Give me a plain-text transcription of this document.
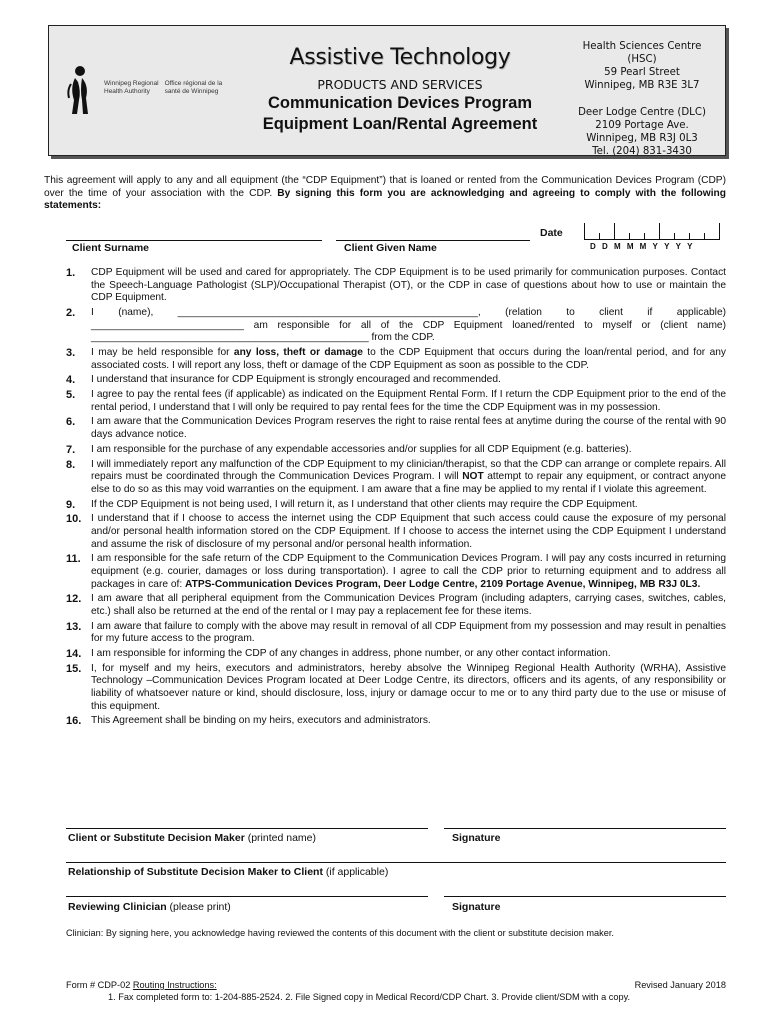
Winnipeg Regional
Health AuthorityOffice régional de la
santé de Winnipeg
Assistive Technology
PRODUCTS AND SERVICES
Communication Devices Program
Equipment Loan/Rental Agreement
Health Sciences Centre (HSC)
59 Pearl Street
Winnipeg, MB R3E 3L7
Deer Lodge Centre (DLC)
2109 Portage Ave.
Winnipeg, MB R3J 0L3
Tel. (204) 831-3430
This agreement will apply to any and all equipment (the “CDP Equipment”) that is loaned or rented from the Communication Devices Program (CDP) over the time of your association with the CDP. By signing this form you are acknowledging and agreeing to comply with the following statements:
Client Surname	Client Given Name
Date
DDMMMYYYY
1. CDP Equipment will be used and cared for appropriately. The CDP Equipment is to be used primarily for communication purposes. Contact the Speech-Language Pathologist (SLP)/Occupational Therapist (OT), or the CDP in case of questions about how to use or maintain the CDP Equipment.
2. I (name), _____________________________________________________, (relation to client if applicable) ___________________________ am responsible for all of the CDP Equipment loaned/rented to myself or (client name) _________________________________________________ from the CDP.
3. I may be held responsible for any loss, theft or damage to the CDP Equipment that occurs during the loan/rental period, and for any associated costs. I will report any loss, theft or damage of the CDP Equipment as soon as possible to the CDP.
4. I understand that insurance for CDP Equipment is strongly encouraged and recommended.
5. I agree to pay the rental fees (if applicable) as indicated on the Equipment Rental Form. If I return the CDP Equipment prior to the end of the rental period, I understand that I will only be required to pay rental fees for the time the CDP Equipment was in my possession.
6. I am aware that the Communication Devices Program reserves the right to raise rental fees at anytime during the course of the rental with 90 days advance notice.
7. I am responsible for the purchase of any expendable accessories and/or supplies for all CDP Equipment (e.g. batteries).
8. I will immediately report any malfunction of the CDP Equipment to my clinician/therapist, so that the CDP can arrange or complete repairs. All repairs must be coordinated through the Communication Devices Program. I will NOT attempt to repair any equipment, or contract anyone else to do so as this may void warranties on the equipment. I am aware that a fine may be applied to my rental if I violate this agreement.
9. If the CDP Equipment is not being used, I will return it, as I understand that other clients may require the CDP Equipment.
10. I understand that if I choose to access the internet using the CDP Equipment that such access could cause the exposure of my personal and/or personal health information stored on the CDP Equipment. If I choose to access the internet using the CDP Equipment I understand and assume the risk of disclosure of my personal and/or personal health information.
11. I am responsible for the safe return of the CDP Equipment to the Communication Devices Program. I will pay any costs incurred in returning equipment (e.g. courier, damages or loss during transportation). I agree to call the CDP prior to returning equipment and to address all packages in care of: ATPS-Communication Devices Program, Deer Lodge Centre, 2109 Portage Avenue, Winnipeg, MB R3J 0L3.
12. I am aware that all peripheral equipment from the Communication Devices Program (including adapters, carrying cases, switches, cables, etc.) shall also be returned at the end of the rental or I may pay a replacement fee for these items.
13. I am aware that failure to comply with the above may result in removal of all CDP Equipment from my possession and may result in penalties for my future access to the program.
14. I am responsible for informing the CDP of any changes in address, phone number, or any other contact information.
15. I, for myself and my heirs, executors and administrators, hereby absolve the Winnipeg Regional Health Authority (WRHA), Assistive Technology –Communication Devices Program located at Deer Lodge Centre, its directors, officers and its agents, of any responsibility or liability of whatsoever nature or kind, should disclosure, loss, injury or damage occur to me or to any third party due to the use or misuse of this equipment.
16. This Agreement shall be binding on my heirs, executors and administrators.
Client or Substitute Decision Maker (printed name)	Signature
Relationship of Substitute Decision Maker to Client (if applicable)
Reviewing Clinician (please print)	Signature
Clinician: By signing here, you acknowledge having reviewed the contents of this document with the client or substitute decision maker.
Form # CDP-02 Routing Instructions:	Revised January 2018
1. Fax completed form to: 1-204-885-2524. 2. File Signed copy in Medical Record/CDP Chart. 3. Provide client/SDM with a copy.
